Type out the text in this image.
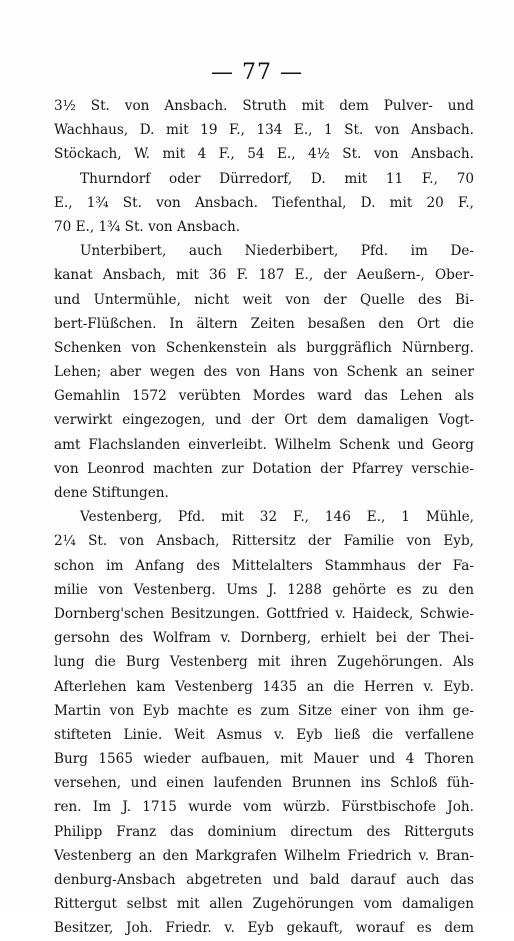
— 77 —
3½ St. von Ansbach. Struth mit dem Pulver- und
Wachhaus, D. mit 19 F., 134 E., 1 St. von Ansbach.
Stöckach, W. mit 4 F., 54 E., 4½ St. von Ansbach.
Thurndorf oder Dürredorf, D. mit 11 F., 70
E., 1¾ St. von Ansbach. Tiefenthal, D. mit 20 F.,
70 E., 1¾ St. von Ansbach.
Unterbibert, auch Niederbibert, Pfd. im De-
kanat Ansbach, mit 36 F. 187 E., der Aeußern-, Ober-
und Untermühle, nicht weit von der Quelle des Bi-
bert-Flüßchen. In ältern Zeiten besaßen den Ort die
Schenken von Schenkenstein als burggräflich Nürnberg.
Lehen; aber wegen des von Hans von Schenk an seiner
Gemahlin 1572 verübten Mordes ward das Lehen als
verwirkt eingezogen, und der Ort dem damaligen Vogt-
amt Flachslanden einverleibt. Wilhelm Schenk und Georg
von Leonrod machten zur Dotation der Pfarrey verschie-
dene Stiftungen.
Vestenberg, Pfd. mit 32 F., 146 E., 1 Mühle,
2¼ St. von Ansbach, Rittersitz der Familie von Eyb,
schon im Anfang des Mittelalters Stammhaus der Fa-
milie von Vestenberg. Ums J. 1288 gehörte es zu den
Dornberg'schen Besitzungen. Gottfried v. Haideck, Schwie-
gersohn des Wolfram v. Dornberg, erhielt bei der Thei-
lung die Burg Vestenberg mit ihren Zugehörungen. Als
Afterlehen kam Vestenberg 1435 an die Herren v. Eyb.
Martin von Eyb machte es zum Sitze einer von ihm ge-
stifteten Linie. Weit Asmus v. Eyb ließ die verfallene
Burg 1565 wieder aufbauen, mit Mauer und 4 Thoren
versehen, und einen laufenden Brunnen ins Schloß füh-
ren. Im J. 1715 wurde vom würzb. Fürstbischofe Joh.
Philipp Franz das dominium directum des Ritterguts
Vestenberg an den Markgrafen Wilhelm Friedrich v. Bran-
denburg-Ansbach abgetreten und bald darauf auch das
Rittergut selbst mit allen Zugehörungen vom damaligen
Besitzer, Joh. Friedr. v. Eyb gekauft, worauf es dem
